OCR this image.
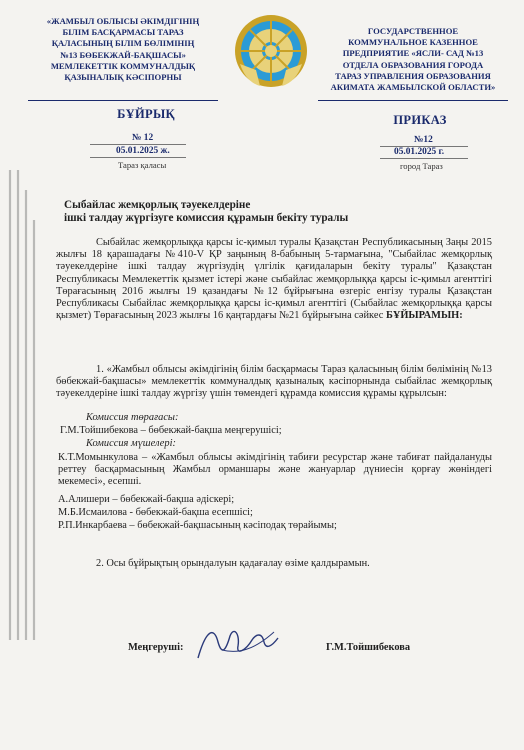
«ЖАМБЫЛ ОБЛЫСЫ ӘКІМДІГІНІҢ
БІЛІМ БАСҚАРМАСЫ ТАРАЗ
ҚАЛАСЫНЫҢ БІЛІМ БӨЛІМІНІҢ
№13 БӨБЕКЖАЙ-БАҚШАСЫ»
МЕМЛЕКЕТТІК КОММУНАЛДЫҚ
ҚАЗЫНАЛЫҚ КӘСІПОРНЫ
ГОСУДАРСТВЕННОЕ
КОММУНАЛЬНОЕ КАЗЕННОЕ
ПРЕДПРИЯТИЕ «ЯСЛИ- САД №13
ОТДЕЛА ОБРАЗОВАНИЯ ГОРОДА
ТАРАЗ УПРАВЛЕНИЯ ОБРАЗОВАНИЯ
АКИМАТА ЖАМБЫЛСКОЙ ОБЛАСТИ»
БҰЙРЫҚ	ПРИКАЗ
№ 12
05.01.2025 ж.
Тараз қаласы
№12
05.01.2025 г.
город Тараз
Сыбайлас жемқорлық тәуекелдеріне
ішкі талдау жүргізуге комиссия құрамын бекіту туралы
Сыбайлас жемқорлыққа қарсы іс-қимыл туралы Қазақстан Республикасының Заңы 2015 жылғы 18 қарашадағы №410-V ҚР заңының 8-бабының 5-тармағына, "Сыбайлас жемқорлық тәуекелдеріне ішкі талдау жүргізудің үлгілік қағидаларын бекіту туралы" Қазақстан Республикасы Мемлекеттік қызмет істері және сыбайлас жемқорлыққа қарсы іс-қимыл агенттігі Төрағасының 2016 жылғы 19 қазандағы №12 бұйрығына өзгеріс енгізу туралы Қазақстан Республикасы Сыбайлас жемқорлыққа қарсы іс-қимыл агенттігі (Сыбайлас жемқорлыққа қарсы қызмет) Төрағасының 2023 жылғы 16 қаңтардағы №21 бұйрығына сәйкес БҰЙЫРАМЫН:
1. «Жамбыл облысы әкімдігінің білім басқармасы Тараз қаласының білім бөлімінің №13 бөбекжай-бақшасы» мемлекеттік коммуналдық қазыналық кәсіпорнында сыбайлас жемқорлық тәуекелдеріне ішкі талдау жүргізу үшін төмендегі құрамда комиссия құрамы құрылсын:
Комиссия төрағасы:
Г.М.Тойшибекова – бөбекжай-бақша меңгерушісі;
Комиссия мүшелері:
К.Т.Момынкулова – «Жамбыл облысы әкімдігінің табиғи ресурстар және табиғат пайдалануды реттеу басқармасының Жамбыл орманшары және жануарлар дүниесін қорғау жөніндегі мекемесі», есепші.
А.Алишери – бөбекжай-бақша әдіскері;
М.Б.Исмаилова - бөбекжай-бақша есепшісі;
Р.П.Инкарбаева – бөбекжай-бақшасының кәсіподақ төрайымы;
2. Осы бұйрықтың орындалуын қадағалау өзіме қалдырамын.
Меңгеруші:	Г.М.Тойшибекова
